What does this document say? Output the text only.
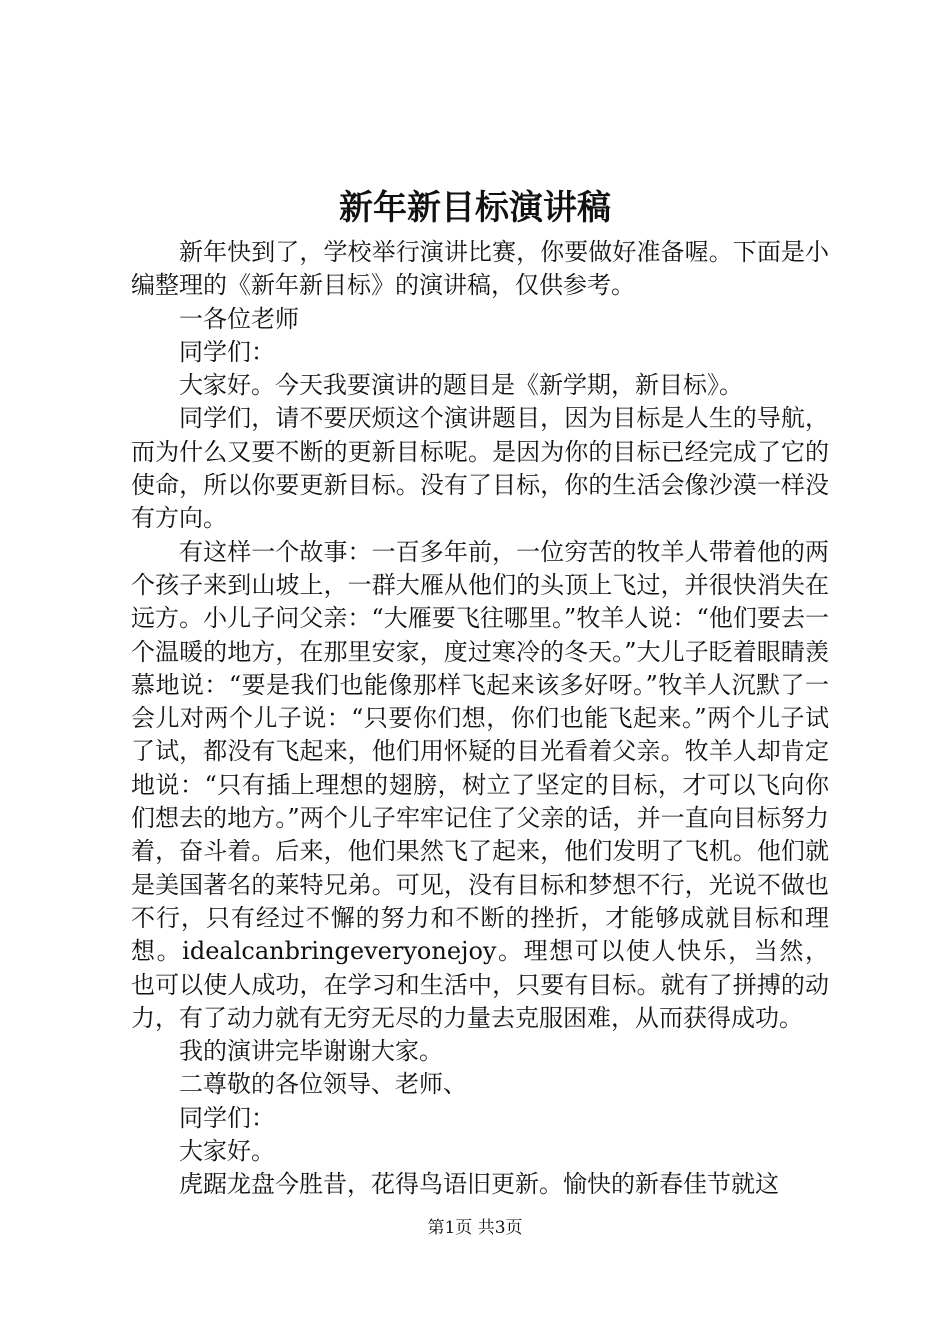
新年新目标演讲稿

新年快到了，学校举行演讲比赛，你要做好准备喔。下面是小编整理的《新年新目标》的演讲稿，仅供参考。

一各位老师

同学们：

大家好。今天我要演讲的题目是《新学期，新目标》。

同学们，请不要厌烦这个演讲题目，因为目标是人生的导航，而为什么又要不断的更新目标呢。是因为你的目标已经完成了它的使命，所以你要更新目标。没有了目标，你的生活会像沙漠一样没有方向。

有这样一个故事：一百多年前，一位穷苦的牧羊人带着他的两个孩子来到山坡上，一群大雁从他们的头顶上飞过，并很快消失在远方。小儿子问父亲：“大雁要飞往哪里。”牧羊人说：“他们要去一个温暖的地方，在那里安家，度过寒冷的冬天。”大儿子眨着眼睛羡慕地说：“要是我们也能像那样飞起来该多好呀。”牧羊人沉默了一会儿对两个儿子说：“只要你们想，你们也能飞起来。”两个儿子试了试，都没有飞起来，他们用怀疑的目光看着父亲。牧羊人却肯定地说：“只有插上理想的翅膀，树立了坚定的目标，才可以飞向你们想去的地方。”两个儿子牢牢记住了父亲的话，并一直向目标努力着，奋斗着。后来，他们果然飞了起来，他们发明了飞机。他们就是美国著名的莱特兄弟。可见，没有目标和梦想不行，光说不做也不行，只有经过不懈的努力和不断的挫折，才能够成就目标和理想。idealcanbringeveryonejoy。理想可以使人快乐，当然，也可以使人成功，在学习和生活中，只要有目标。就有了拼搏的动力，有了动力就有无穷无尽的力量去克服困难，从而获得成功。

我的演讲完毕谢谢大家。

二尊敬的各位领导、老师、

同学们：

大家好。

虎踞龙盘今胜昔，花得鸟语旧更新。愉快的新春佳节就这

第1页 共3页
